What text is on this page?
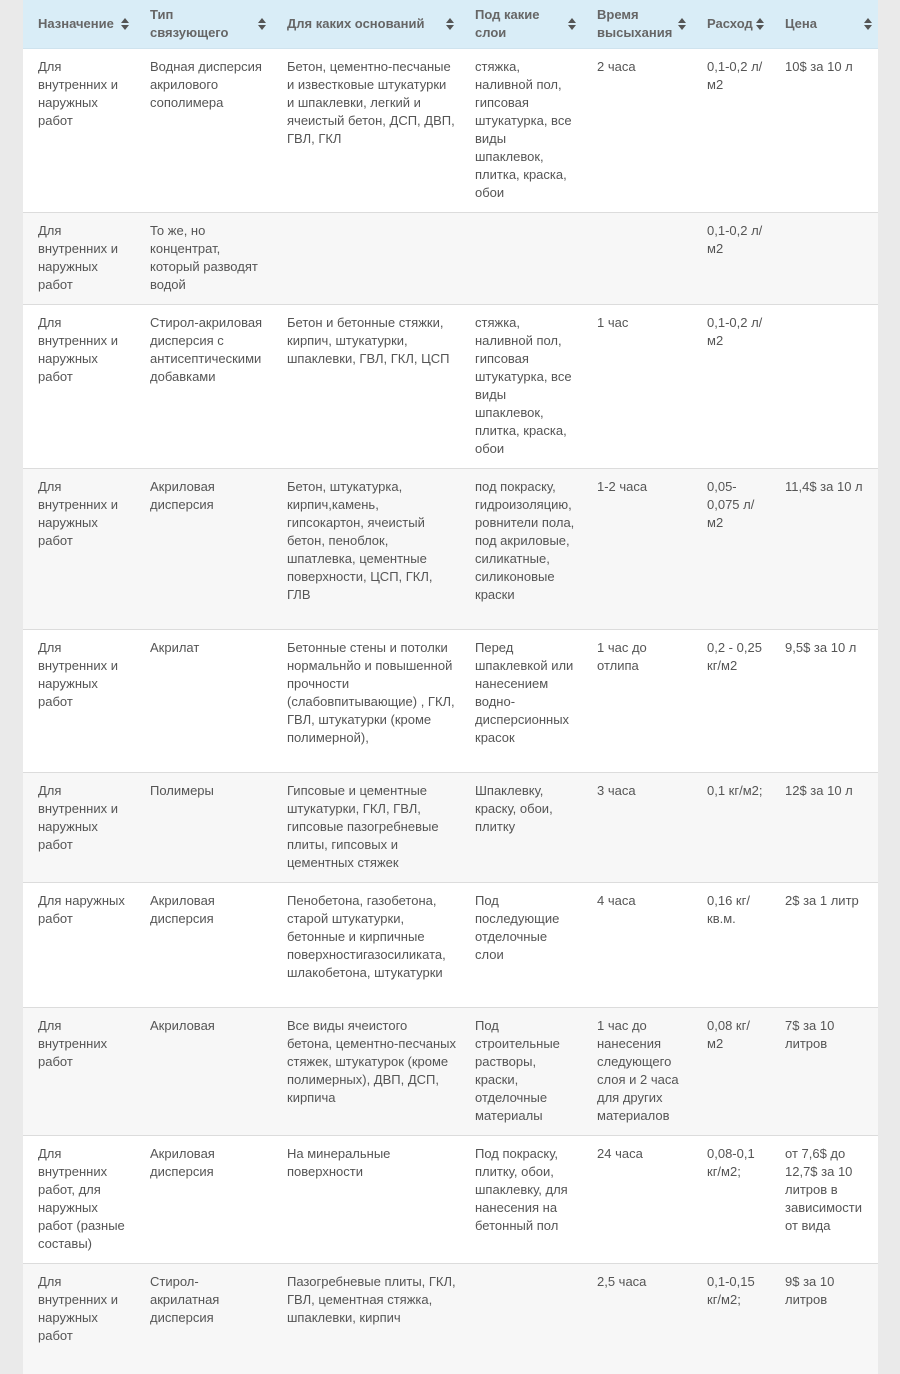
Назначение	Тип связующего	Для каких оснований	Под какие слои	Время высыхания	Расход	Цена

Для внутренних и наружных работ	Водная дисперсия акрилового сополимера	Бетон, цементно-песчаные и известковые штукатурки и шпаклевки, легкий и ячеистый бетон, ДСП, ДВП, ГВЛ, ГКЛ	стяжка, наливной пол, гипсовая штукатурка, все виды шпаклевок, плитка, краска, обои	2 часа	0,1-0,2 л/м2	10$ за 10 л
Для внутренних и наружных работ	То же, но концентрат, который разводят водой				0,1-0,2 л/м2	
Для внутренних и наружных работ	Стирол-акриловая дисперсия с антисептическими добавками	Бетон и бетонные стяжки, кирпич, штукатурки, шпаклевки, ГВЛ, ГКЛ, ЦСП	стяжка, наливной пол, гипсовая штукатурка, все виды шпаклевок, плитка, краска, обои	1 час	0,1-0,2 л/м2	
Для внутренних и наружных работ	Акриловая дисперсия	Бетон, штукатурка, кирпич,камень, гипсокартон, ячеистый бетон, пеноблок, шпатлевка, цементные поверхности, ЦСП, ГКЛ, ГЛВ	под покраску, гидроизоляцию, ровнители пола, под акриловые, силикатные, силиконовые краски	1-2 часа	0,05-0,075 л/м2	11,4$ за 10 л
Для внутренних и наружных работ	Акрилат	Бетонные стены и потолки нормальнйо и повышенной прочности (слабовпитывающие) , ГКЛ, ГВЛ, штукатурки (кроме полимерной),	Перед шпаклевкой или нанесением водно-дисперсионных красок	1 час до отлипа	0,2 - 0,25 кг/м2	9,5$ за 10 л
Для внутренних и наружных работ	Полимеры	Гипсовые и цементные штукатурки, ГКЛ, ГВЛ, гипсовые пазогребневые плиты, гипсовых и цементных стяжек	Шпаклевку, краску, обои, плитку	3 часа	0,1 кг/м2;	12$ за 10 л
Для наружных работ	Акриловая дисперсия	Пенобетона, газобетона, старой штукатурки, бетонные и кирпичные поверхностигазосиликата, шлакобетона, штукатурки	Под последующие отделочные слои	4 часа	0,16 кг/кв.м.	2$ за 1 литр
Для внутренних работ	Акриловая	Все виды ячеистого бетона, цементно-песчаных стяжек, штукатурок (кроме полимерных), ДВП, ДСП, кирпича	Под строительные растворы, краски, отделочные материалы	1 час до нанесения следующего слоя и 2 часа для других материалов	0,08 кг/м2	7$ за 10 литров
Для внутренних работ, для наружных работ (разные составы)	Акриловая дисперсия	На минеральные поверхности	Под покраску, плитку, обои, шпаклевку, для нанесения на бетонный пол	24 часа	0,08-0,1 кг/м2;	от 7,6$ до 12,7$ за 10 литров в зависимости от вида
Для внутренних и наружных работ	Стирол-акрилатная дисперсия	Пазогребневые плиты, ГКЛ, ГВЛ, цементная стяжка, шпаклевки, кирпич		2,5 часа	0,1-0,15 кг/м2;	9$ за 10 литров
